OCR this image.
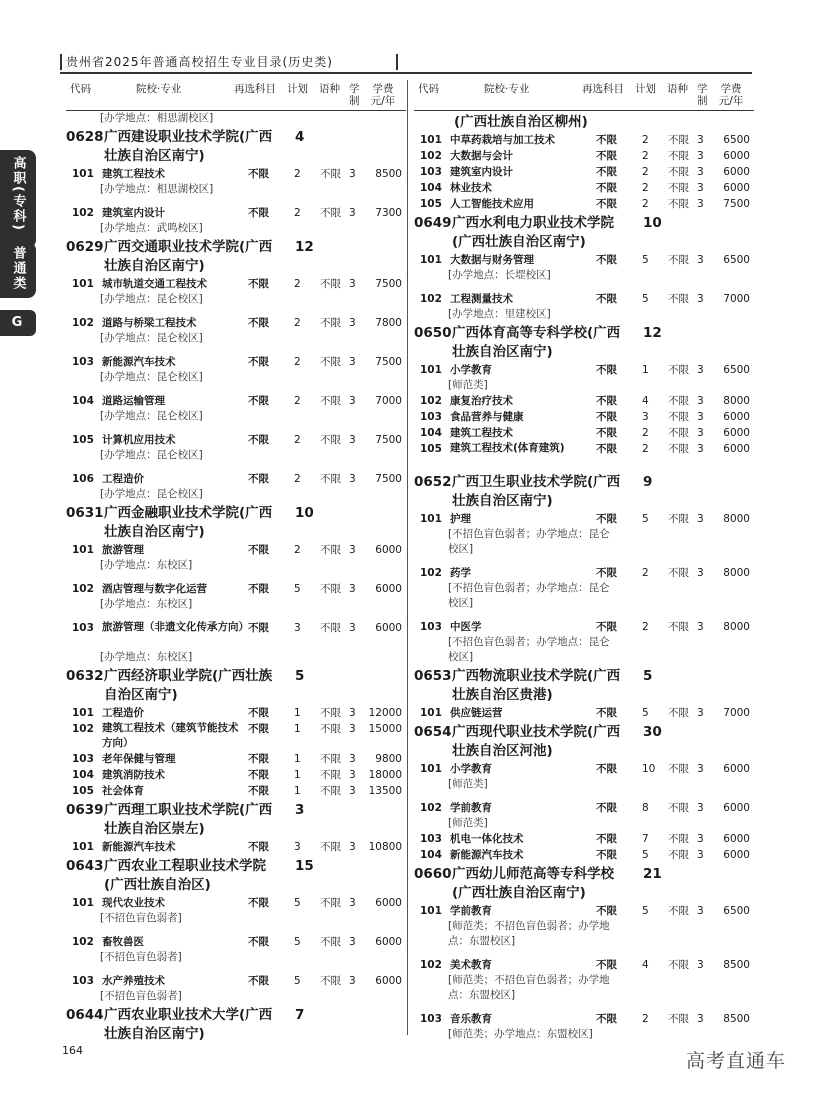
贵州省2025年普通高校招生专业目录(历史类)
高职(专科)
普通类
G
代码	院校·专业	再选科目 计划 语种 学制
学费元/年
[办学地点：相思湖校区]
0628 广西建设职业技术学院(广西壮族自治区南宁)
4
101 建筑工程技术	不限 2 不限 3	8500
[办学地点：相思湖校区]
102 建筑室内设计	不限 2 不限 3	7300
[办学地点：武鸣校区]
0629 广西交通职业技术学院(广西壮族自治区南宁)
12
101 城市轨道交通工程技术	不限 2 不限 3	7500
[办学地点：昆仑校区]
102 道路与桥梁工程技术	不限 2 不限 3	7800
[办学地点：昆仑校区]
103 新能源汽车技术	不限 2 不限 3	7500
[办学地点：昆仑校区]
104 道路运输管理	不限 2 不限 3	7000
[办学地点：昆仑校区]
105 计算机应用技术	不限 2 不限 3	7500
[办学地点：昆仑校区]
106 工程造价	不限 2 不限 3	7500
[办学地点：昆仑校区]
0631 广西金融职业技术学院(广西壮族自治区南宁)
10
101 旅游管理	不限 2 不限 3	6000
[办学地点：东校区]
102 酒店管理与数字化运营	不限 5 不限 3	6000
[办学地点：东校区]
103 旅游管理（非遗文化传承方向） 不限 3 不限 3	6000
[办学地点：东校区]
0632 广西经济职业学院(广西壮族自治区南宁)
5
101 工程造价	不限 1 不限 3 12000
102 建筑工程技术（建筑节能技术方向）
不限 1 不限 3 15000
103 老年保健与管理	不限 1 不限 3	9800
104 建筑消防技术	不限 1 不限 3 18000
105 社会体育	不限 1 不限 3 13500
0639 广西理工职业技术学院(广西壮族自治区崇左)
3
101 新能源汽车技术	不限 3 不限 3 10800
0643 广西农业工程职业技术学院(广西壮族自治区)
15
101 现代农业技术	不限 5 不限 3	6000
[不招色盲色弱者]
102 畜牧兽医	不限 5 不限 3	6000
[不招色盲色弱者]
103 水产养殖技术	不限 5 不限 3	6000
[不招色盲色弱者]
0644 广西农业职业技术大学(广西壮族自治区南宁)
7
代码	院校·专业	再选科目 计划 语种 学制
学费元/年
(广西壮族自治区柳州)
101 中草药栽培与加工技术	不限 2 不限 3	6500
102 大数据与会计	不限 2 不限 3	6000
103 建筑室内设计	不限 2 不限 3	6000
104 林业技术	不限 2 不限 3	6000
105 人工智能技术应用	不限 2 不限 3	7500
0649 广西水利电力职业技术学院(广西壮族自治区南宁)
10
101 大数据与财务管理	不限 5 不限 3	6500
[办学地点：长堽校区]
102 工程测量技术	不限 5 不限 3	7000
[办学地点：里建校区]
0650 广西体育高等专科学校(广西壮族自治区南宁)
12
101 小学教育	不限 1 不限 3	6500
[师范类]
102 康复治疗技术	不限 4 不限 3	8000
103 食品营养与健康	不限 3 不限 3	6000
104 建筑工程技术	不限 2 不限 3	6000
105 建筑工程技术(体育建筑)	不限 2 不限 3	6000
0652 广西卫生职业技术学院(广西壮族自治区南宁)
9
101 护理	不限 5 不限 3	8000
[不招色盲色弱者；办学地点：昆仑校区]
102 药学	不限 2 不限 3	8000
[不招色盲色弱者；办学地点：昆仑校区]
103 中医学	不限 2 不限 3	8000
[不招色盲色弱者；办学地点：昆仑校区]
0653 广西物流职业技术学院(广西壮族自治区贵港)
5
101 供应链运营	不限 5 不限 3	7000
0654 广西现代职业技术学院(广西壮族自治区河池)
30
101 小学教育	不限 10 不限 3	6000
[师范类]
102 学前教育	不限 8 不限 3	6000
[师范类]
103 机电一体化技术	不限 7 不限 3	6000
104 新能源汽车技术	不限 5 不限 3	6000
0660 广西幼儿师范高等专科学校(广西壮族自治区南宁)
21
101 学前教育	不限 5 不限 3	6500
[师范类；不招色盲色弱者；办学地点：东盟校区]
102 美术教育	不限 4 不限 3	8500
[师范类；不招色盲色弱者；办学地点：东盟校区]
103 音乐教育	不限 2 不限 3	8500
[师范类；办学地点：东盟校区]
164	高考直通车
